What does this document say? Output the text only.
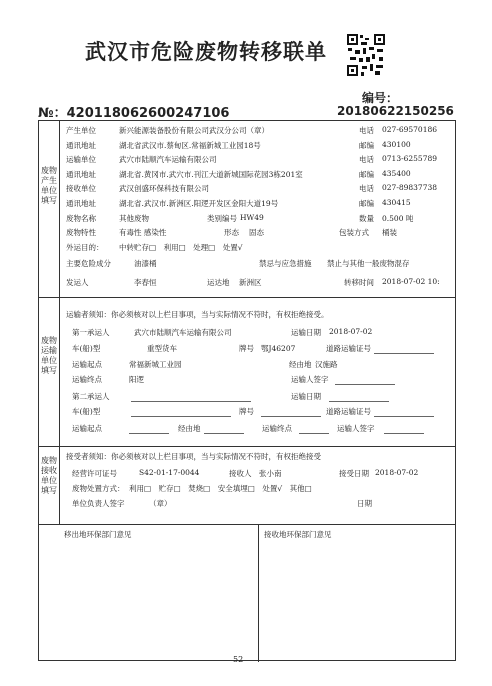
武汉市危险废物转移联单
№：420118062600247106
编号：
20180622150256
废物产生单位填写
产生单位	新兴能源装备股份有限公司武汉分公司（章）	电话 027-69570186
通讯地址	湖北省武汉市.蔡甸区.常福新城工业园18号	邮编 430100
运输单位	武穴市陆顺汽车运输有限公司	电话 0713-6255789
通讯地址	湖北省.黄冈市.武穴市.刊江大道新城国际花园3栋201室	邮编 435400
接收单位	武汉创盛环保科技有限公司	电话 027-89837738
通讯地址	湖北省.武汉市.新洲区.阳逻开发区金阳大道19号	邮编 430415
废物名称	其他废物	类别编号 HW49	数量 0.500 吨
废物特性	有毒性 感染性	形态 固态	包装方式 桶装
外运目的： 中转贮存□　利用□　处理□　处置√
主要危险成分	油漆桶	禁忌与应急措施 禁止与其他一般废物混存
发运人	李春恒	运达地 新洲区	转移时间 2018-07-02 10:
废物运输单位填写
运输者须知：你必须核对以上栏目事项，当与实际情况不符时，有权拒绝接受。
第一承运人	武穴市陆顺汽车运输有限公司	运输日期 2018-07-02
车(船)型	重型货车	牌号 鄂J46207	道路运输证号
运输起点	常福新城工业园	经由地 汉施路
运输终点	阳逻	运输人签字
第二承运人	运输日期
车(船)型	牌号	道路运输证号
运输起点	经由地	运输终点	运输人签字
废物接收单位填写
接受者须知：你必须核对以上栏目事项，当与实际情况不符时，有权拒绝接受
经营许可证号	S42-01-17-0044	接收人 张小南	接受日期 2018-07-02
废物处置方式： 利用□　贮存□　焚烧□　安全填埋□　处置√　其他□
单位负责人签字	（章）	日期
移出地环保部门意见	接收地环保部门意见
52
